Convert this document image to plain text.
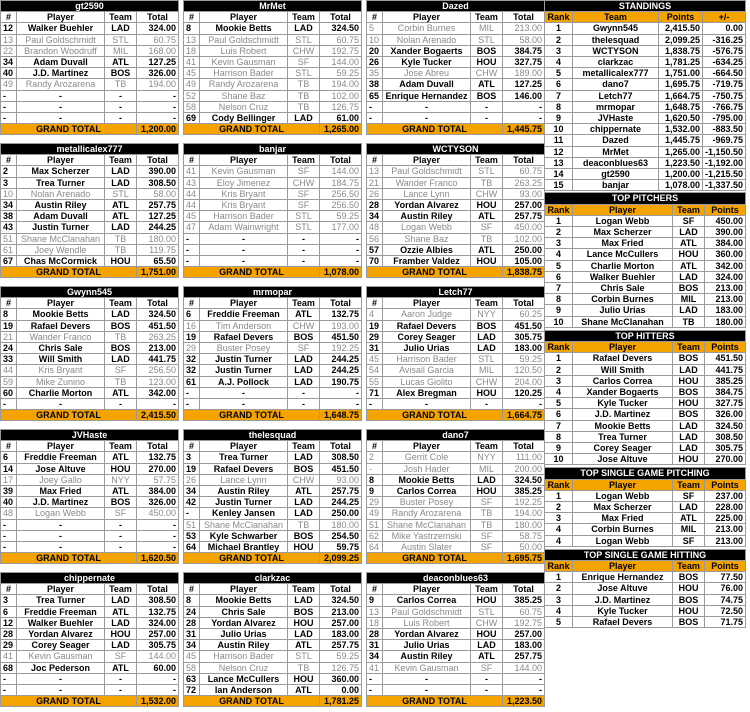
gt2590			
#	Player	Team	Total
12	Walker Buehler	LAD	324.00
13	Paul Goldschmidt	STL	60.75
22	Brandon Woodruff	MIL	168.00
34	Adam Duvall	ATL	127.25
40	J.D. Martinez	BOS	326.00
49	Randy Arozarena	TB	194.00
-	-	-	-
-	-	-	-
-	-	-	-
GRAND TOTAL			1,200.00
MrMet			
#	Player	Team	Total
8	Mookie Betts	LAD	324.50
13	Paul Goldschmidt	STL	60.75
18	Luis Robert	CHW	192.75
41	Kevin Gausman	SF	144.00
45	Harrison Bader	STL	59.25
49	Randy Arozarena	TB	194.00
52	Shane Baz	TB	102.00
58	Nelson Cruz	TB	126.75
69	Cody Bellinger	LAD	61.00
GRAND TOTAL			1,265.00
Dazed			
#	Player	Team	Total
5	Corbin Burnes	MIL	213.00
10	Nolan Arenado	STL	58.00
20	Xander Bogaerts	BOS	384.75
26	Kyle Tucker	HOU	327.75
35	Jose Abreu	CHW	189.00
38	Adam Duvall	ATL	127.25
65	Enrique Hernandez	BOS	146.00
-	-	-	-
-	-	-	-
GRAND TOTAL			1,445.75
metallicalex777			
#	Player	Team	Total
2	Max Scherzer	LAD	390.00
3	Trea Turner	LAD	308.50
10	Nolan Arenado	STL	58.00
34	Austin Riley	ATL	257.75
38	Adam Duvall	ATL	127.25
43	Justin Turner	LAD	244.25
51	Shane McClanahan	TB	180.00
61	Joey Wendle	TB	119.75
67	Chas McCormick	HOU	65.50
GRAND TOTAL			1,751.00
banjar			
#	Player	Team	Total
41	Kevin Gausman	SF	144.00
43	Eloy Jimenez	CHW	184.75
44	Kris Bryant	SF	256.50
44	Kris Bryant	SF	256.50
45	Harrison Bader	STL	59.25
47	Adam Wainwright	STL	177.00
-	-	-	-
-	-	-	-
-	-	-	-
GRAND TOTAL			1,078.00
WCTYSON			
#	Player	Team	Total
13	Paul Goldschmidt	STL	60.75
21	Wander Franco	TB	263.25
26	Lance Lynn	CHW	93.00
28	Yordan Alvarez	HOU	257.00
34	Austin Riley	ATL	257.75
48	Logan Webb	SF	450.00
56	Shane Baz	TB	102.00
57	Ozzie Albies	ATL	250.00
70	Framber Valdez	HOU	105.00
GRAND TOTAL			1,838.75
Gwynn545			
#	Player	Team	Total
8	Mookie Betts	LAD	324.50
19	Rafael Devers	BOS	451.50
21	Wander Franco	TB	263.25
24	Chris Sale	BOS	213.00
33	Will Smith	LAD	441.75
44	Kris Bryant	SF	256.50
59	Mike Zunino	TB	123.00
60	Charlie Morton	ATL	342.00
-	-	-	-
GRAND TOTAL			2,415.50
mrmopar			
#	Player	Team	Total
6	Freddie Freeman	ATL	132.75
16	Tim Anderson	CHW	193.00
19	Rafael Devers	BOS	451.50
29	Buster Posey	SF	192.25
32	Justin Turner	LAD	244.25
32	Justin Turner	LAD	244.25
61	A.J. Pollock	LAD	190.75
-	-	-	-
-	-	-	-
GRAND TOTAL			1,648.75
Letch77			
#	Player	Team	Total
4	Aaron Judge	NYY	60.25
19	Rafael Devers	BOS	451.50
29	Corey Seager	LAD	305.75
31	Julio Urias	LAD	183.00
45	Harrison Bader	STL	59.25
54	Avisail Garcia	MIL	120.50
55	Lucas Giolito	CHW	204.00
71	Alex Bregman	HOU	120.25
-	-	-	-
GRAND TOTAL			1,664.75
JVHaste			
#	Player	Team	Total
6	Freddie Freeman	ATL	132.75
14	Jose Altuve	HOU	270.00
17	Joey Gallo	NYY	57.75
39	Max Fried	ATL	384.00
40	J.D. Martinez	BOS	326.00
48	Logan Webb	SF	450.00
-	-	-	-
-	-	-	-
-	-	-	-
GRAND TOTAL			1,620.50
thelesquad			
#	Player	Team	Total
3	Trea Turner	LAD	308.50
19	Rafael Devers	BOS	451.50
26	Lance Lynn	CHW	93.00
34	Austin Riley	ATL	257.75
42	Justin Turner	LAD	244.25
-	Kenley Jansen	LAD	250.00
51	Shane McClanahan	TB	180.00
53	Kyle Schwarber	BOS	254.50
64	Michael Brantley	HOU	59.75
GRAND TOTAL			2,099.25
dano7			
#	Player	Team	Total
2	Gerrit Cole	NYY	111.00
-	Josh Hader	MIL	200.00
8	Mookie Betts	LAD	324.50
9	Carlos Correa	HOU	385.25
29	Buster Posey	SF	192.25
49	Randy Arozarena	TB	194.00
51	Shane McClanahan	TB	180.00
62	Mike Yastrzemski	SF	58.75
64	Austin Slater	SF	50.00
GRAND TOTAL			1,695.75
chippernate			
#	Player	Team	Total
3	Trea Turner	LAD	308.50
6	Freddie Freeman	ATL	132.75
12	Walker Buehler	LAD	324.00
28	Yordan Alvarez	HOU	257.00
29	Corey Seager	LAD	305.75
41	Kevin Gausman	SF	144.00
68	Joc Pederson	ATL	60.00
-	-	-	-
-	-	-	-
GRAND TOTAL			1,532.00
clarkzac			
#	Player	Team	Total
8	Mookie Betts	LAD	324.50
24	Chris Sale	BOS	213.00
28	Yordan Alvarez	HOU	257.00
31	Julio Urias	LAD	183.00
34	Austin Riley	ATL	257.75
45	Harrison Bader	STL	59.25
58	Nelson Cruz	TB	126.75
63	Lance McCullers	HOU	360.00
72	Ian Anderson	ATL	0.00
GRAND TOTAL			1,781.25
deaconblues63			
#	Player	Team	Total
9	Carlos Correa	HOU	385.25
13	Paul Goldschmidt	STL	60.75
18	Luis Robert	CHW	192.75
28	Yordan Alvarez	HOU	257.00
31	Julio Urias	LAD	183.00
34	Austin Riley	ATL	257.75
41	Kevin Gausman	SF	144.00
-	-	-	-
-	-	-	-
GRAND TOTAL			1,223.50
STANDINGS			
Rank	Team	Points	+/-
1	Gwynn545	2,415.50	0.00
2	thelesquad	2,099.25	-316.25
3	WCTYSON	1,838.75	-576.75
4	clarkzac	1,781.25	-634.25
5	metallicalex777	1,751.00	-664.50
6	dano7	1,695.75	-719.75
7	Letch77	1,664.75	-750.75
8	mrmopar	1,648.75	-766.75
9	JVHaste	1,620.50	-795.00
10	chippernate	1,532.00	-883.50
11	Dazed	1,445.75	-969.75
12	MrMet	1,265.00	-1,150.50
13	deaconblues63	1,223.50	-1,192.00
14	gt2590	1,200.00	-1,215.50
15	banjar	1,078.00	-1,337.50
TOP PITCHERS			
Rank	Player	Team	Points
1	Logan Webb	SF	450.00
2	Max Scherzer	LAD	390.00
3	Max Fried	ATL	384.00
4	Lance McCullers	HOU	360.00
5	Charlie Morton	ATL	342.00
6	Walker Buehler	LAD	324.00
7	Chris Sale	BOS	213.00
8	Corbin Burnes	MIL	213.00
9	Julio Urias	LAD	183.00
10	Shane McClanahan	TB	180.00
TOP HITTERS			
Rank	Player	Team	Points
1	Rafael Devers	BOS	451.50
2	Will Smith	LAD	441.75
3	Carlos Correa	HOU	385.25
4	Xander Bogaerts	BOS	384.75
5	Kyle Tucker	HOU	327.75
6	J.D. Martinez	BOS	326.00
7	Mookie Betts	LAD	324.50
8	Trea Turner	LAD	308.50
9	Corey Seager	LAD	305.75
10	Jose Altuve	HOU	270.00
TOP SINGLE GAME PITCHING			
Rank	Player	Team	Points
1	Logan Webb	SF	237.00
2	Max Scherzer	LAD	228.00
3	Max Fried	ATL	225.00
4	Corbin Burnes	MIL	213.00
4	Logan Webb	SF	213.00
TOP SINGLE GAME HITTING			
Rank	Player	Team	Points
1	Enrique Hernandez	BOS	77.50
2	Jose Altuve	HOU	76.00
3	J.D. Martinez	BOS	74.75
4	Kyle Tucker	HOU	72.50
5	Rafael Devers	BOS	71.75
